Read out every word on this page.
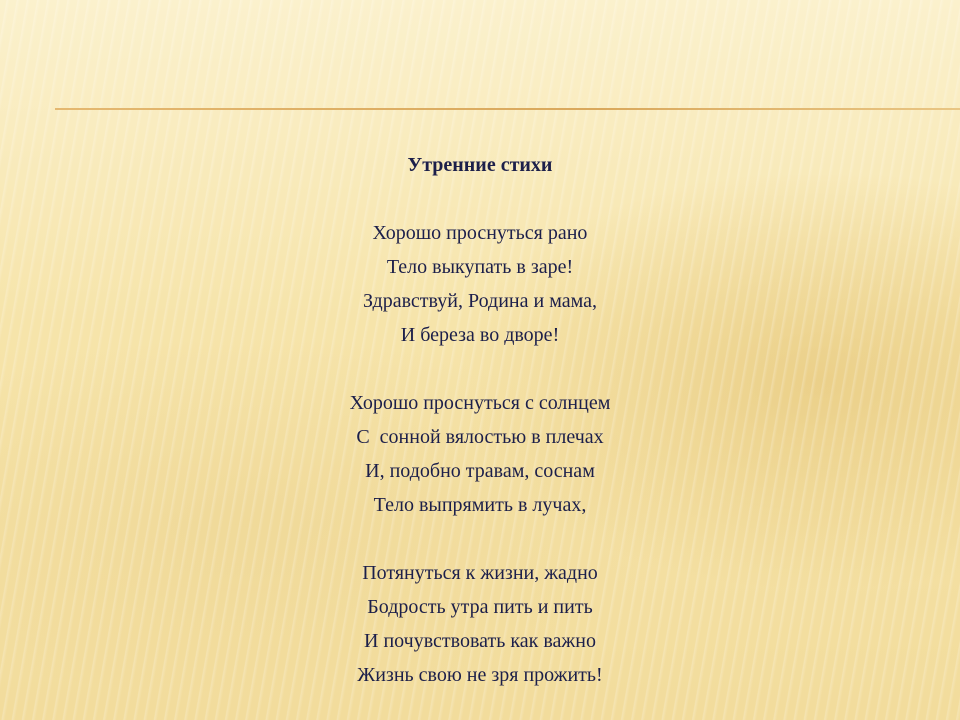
Утренние стихи
Хорошо проснуться рано
Тело выкупать в заре!
Здравствуй, Родина и мама,
И береза во дворе!
Хорошо проснуться с солнцем
С  сонной вялостью в плечах
И, подобно травам, соснам
Тело выпрямить в лучах,
Потянуться к жизни, жадно
Бодрость утра пить и пить
И почувствовать как важно
Жизнь свою не зря прожить!
